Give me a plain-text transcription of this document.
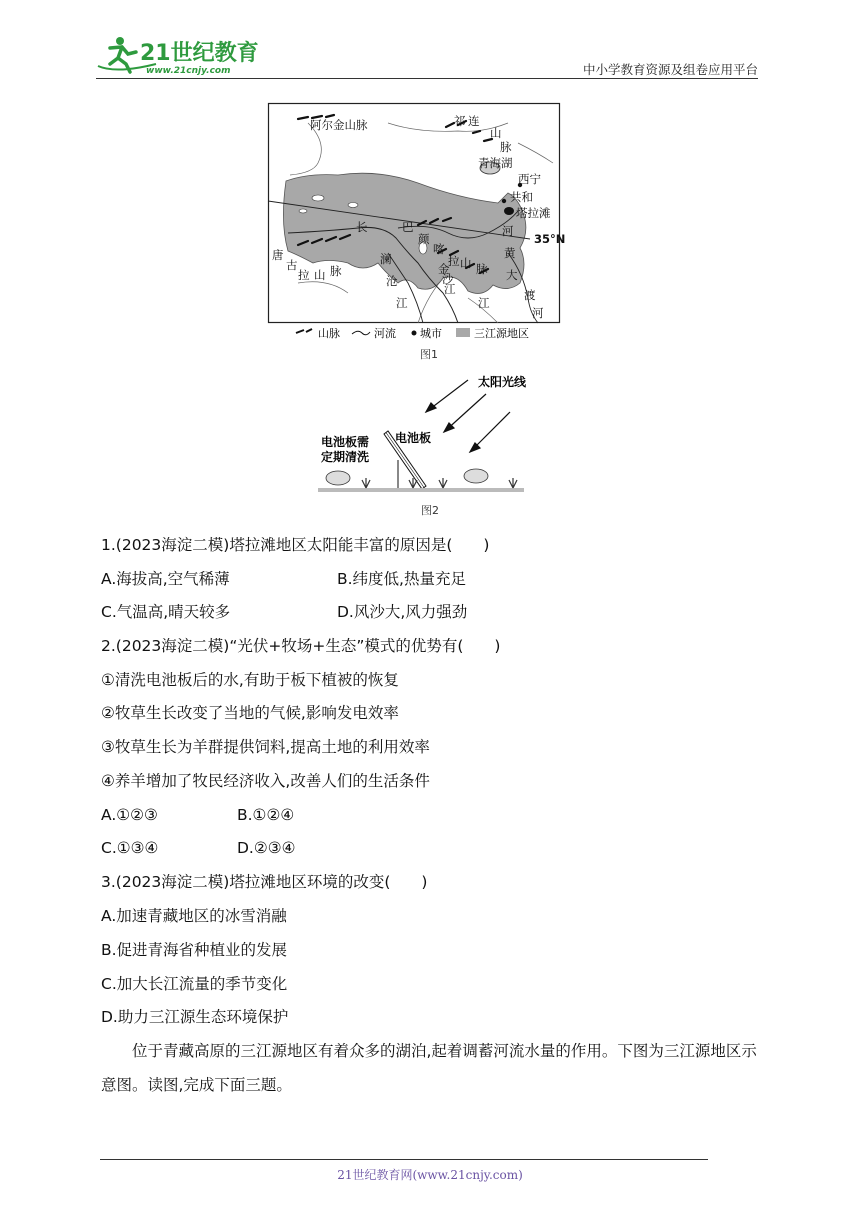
21世纪教育
www.21cnjy.com	中小学教育资源及组卷应用平台
阿尔金山脉	祁 连
山
脉
青海湖
西宁
共和
塔拉滩
35°N
长	巴
颜
喀
拉
唐
古
拉 山 脉
澜
沧
江
金
沙
江
江
河
黄
山 脉 大
渡
河
山脉	河流 城市	三江源地区
图1
太阳光线
电池板需
定期清洗
电池板
图2
1.(2023海淀二模)塔拉滩地区太阳能丰富的原因是(　　)
A.海拔高,空气稀薄	B.纬度低,热量充足
C.气温高,晴天较多	D.风沙大,风力强劲
2.(2023海淀二模)“光伏+牧场+生态”模式的优势有(　　)
①清洗电池板后的水,有助于板下植被的恢复
②牧草生长改变了当地的气候,影响发电效率
③牧草生长为羊群提供饲料,提高土地的利用效率
④养羊增加了牧民经济收入,改善人们的生活条件
A.①②③	B.①②④
C.①③④	D.②③④
3.(2023海淀二模)塔拉滩地区环境的改变(　　)
A.加速青藏地区的冰雪消融
B.促进青海省种植业的发展
C.加大长江流量的季节变化
D.助力三江源生态环境保护
位于青藏高原的三江源地区有着众多的湖泊,起着调蓄河流水量的作用。下图为三江源地区示意图。读图,完成下面三题。
21世纪教育网(www.21cnjy.com)
